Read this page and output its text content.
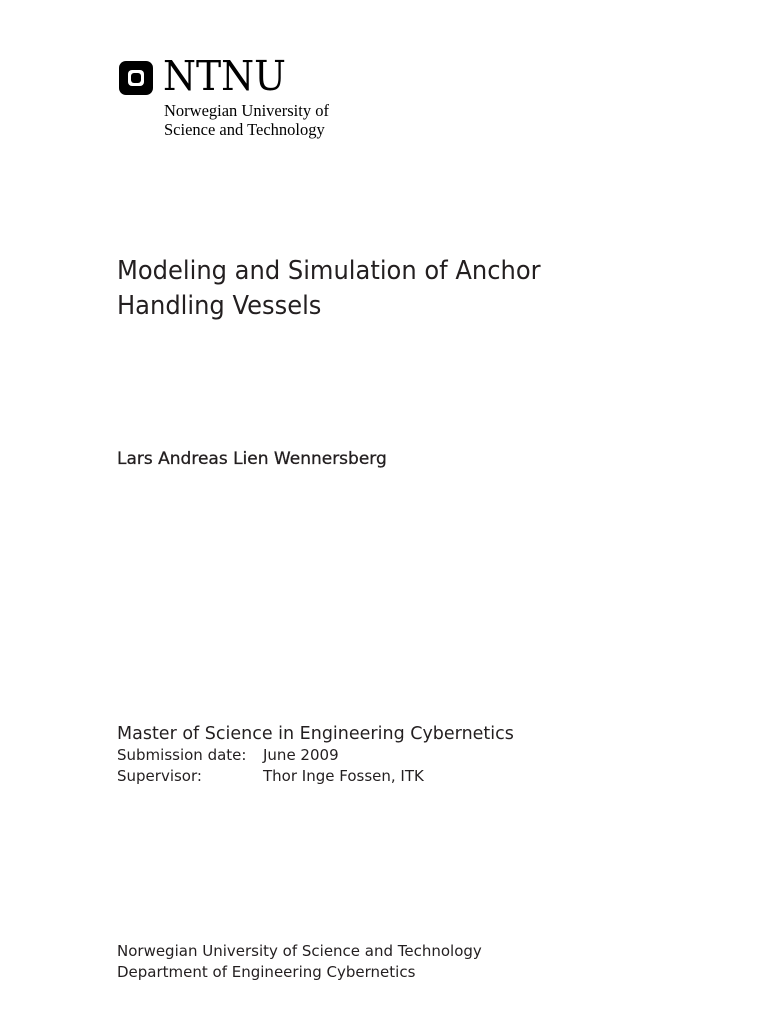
NTNU
Norwegian University of
Science and Technology
Modeling and Simulation of Anchor
Handling Vessels
Lars Andreas Lien Wennersberg
Master of Science in Engineering Cybernetics
Submission date:	June 2009
Supervisor:	Thor Inge Fossen, ITK
Norwegian University of Science and Technology
Department of Engineering Cybernetics
